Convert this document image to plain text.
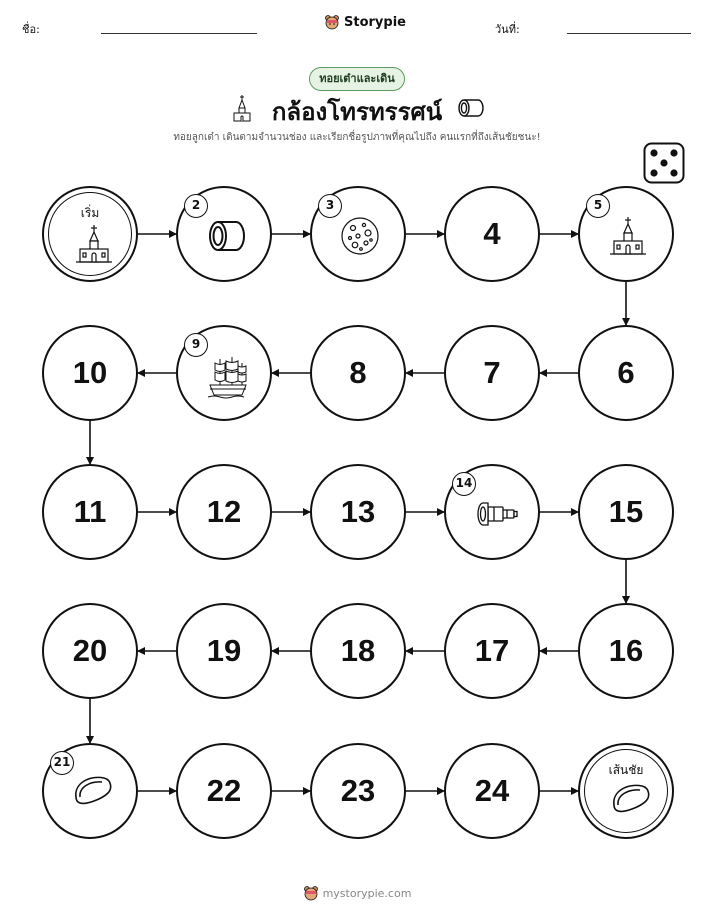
ชื่อ:	Storypie	วันที่:
ทอยเต๋าและเดิน
กล้องโทรทรรศน์
ทอยลูกเต๋า เดินตามจำนวนช่อง และเรียกชื่อรูปภาพที่คุณไปถึง คนแรกที่ถึงเส้นชัยชนะ!
เริ่ม
2	3
4
5
6
7
8
9
10
11	12	13
14
15
16
17
18
19
20
21
22	23	24
เส้นชัย
mystorypie.com
